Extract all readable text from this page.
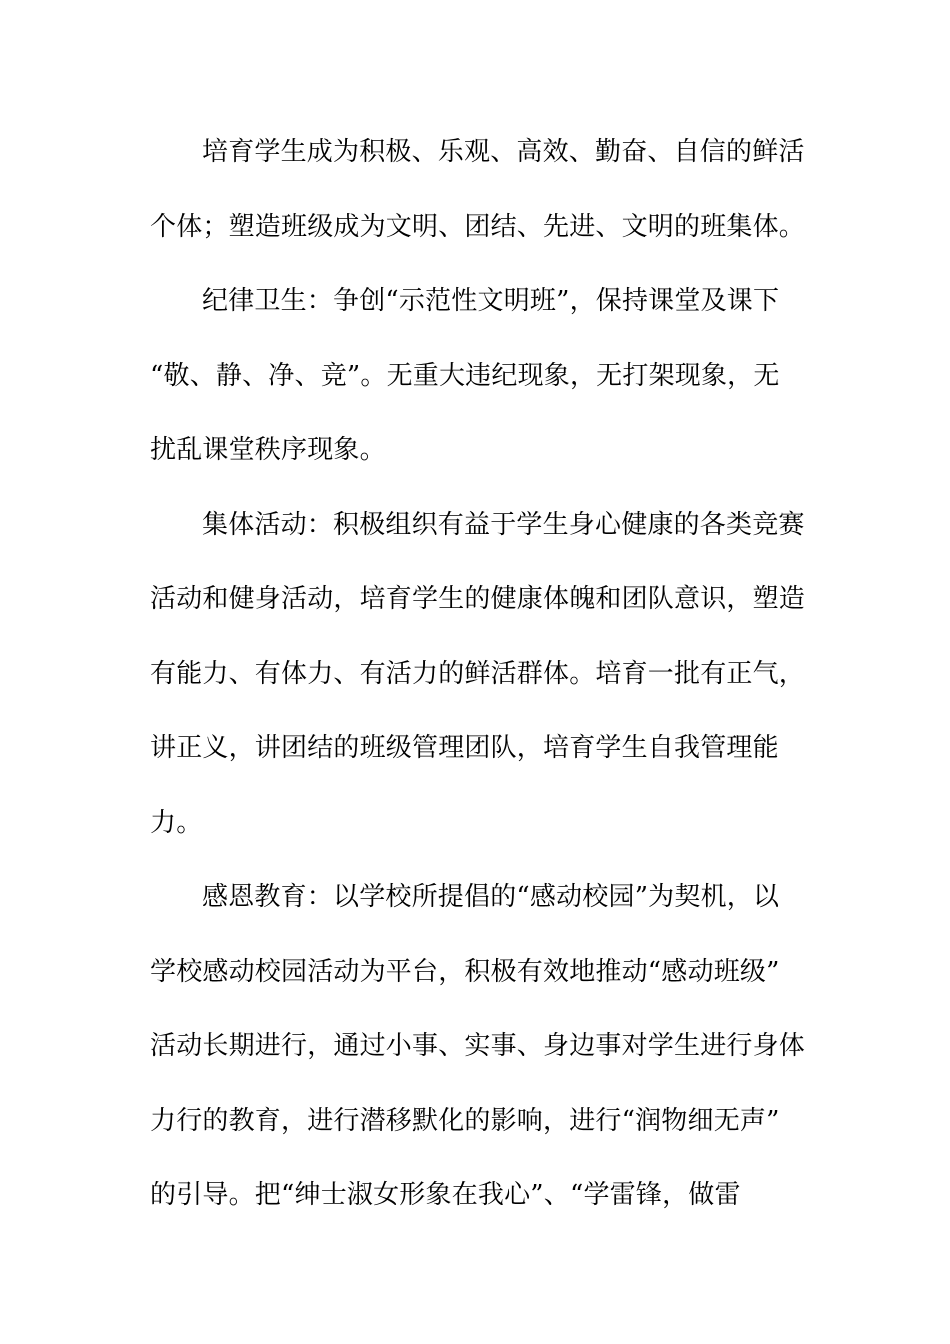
培育学生成为积极、乐观、高效、勤奋、自信的鲜活
个体；塑造班级成为文明、团结、先进、文明的班集体。
纪律卫生：争创“示范性文明班”，保持课堂及课下
“敬、静、净、竞”。无重大违纪现象，无打架现象，无
扰乱课堂秩序现象。
集体活动：积极组织有益于学生身心健康的各类竞赛
活动和健身活动，培育学生的健康体魄和团队意识，塑造
有能力、有体力、有活力的鲜活群体。培育一批有正气，
讲正义，讲团结的班级管理团队，培育学生自我管理能
力。
感恩教育：以学校所提倡的“感动校园”为契机，以
学校感动校园活动为平台，积极有效地推动“感动班级”
活动长期进行，通过小事、实事、身边事对学生进行身体
力行的教育，进行潜移默化的影响，进行“润物细无声”
的引导。把“绅士淑女形象在我心”、“学雷锋，做雷
